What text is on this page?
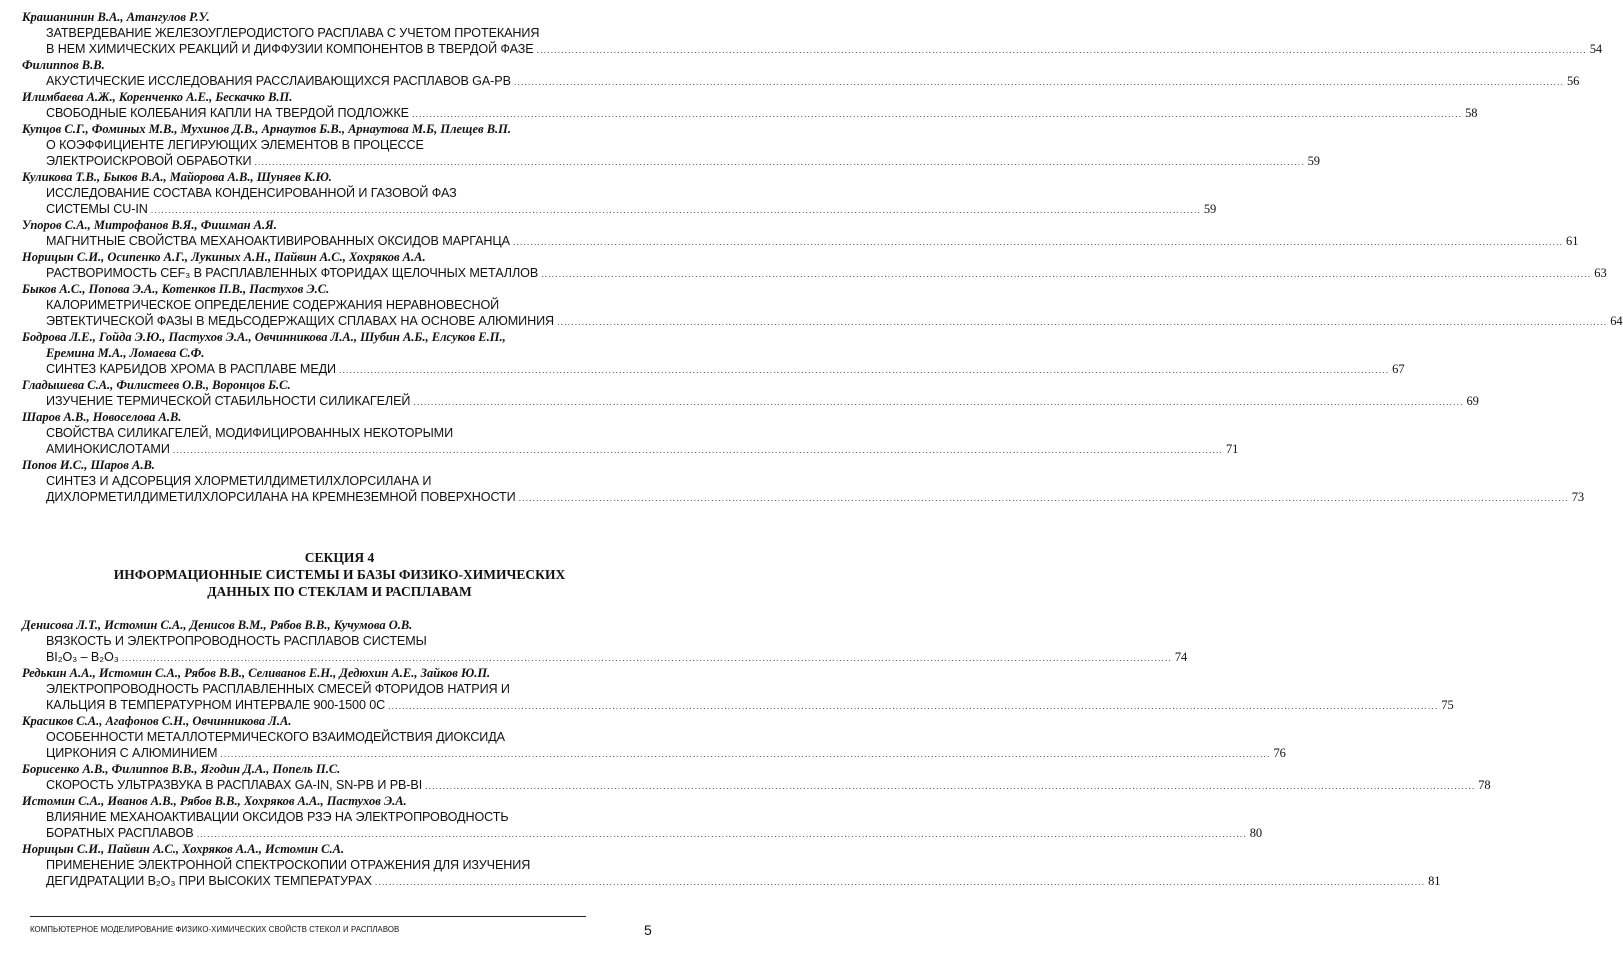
Крашанинин В.А., Атангулов Р.У.
ЗАТВЕРДЕВАНИЕ ЖЕЛЕЗОУГЛЕРОДИСТОГО РАСПЛАВА С УЧЕТОМ ПРОТЕКАНИЯ
В НЕМ ХИМИЧЕСКИХ РЕАКЦИЙ И ДИФФУЗИИ КОМПОНЕНТОВ В ТВЕРДОЙ ФАЗЕ ............................................................................................................................................................................................................................................................................................................ 54
Филиппов В.В.
АКУСТИЧЕСКИЕ ИССЛЕДОВАНИЯ РАССЛАИВАЮЩИХСЯ РАСПЛАВОВ GA-PB ............................................................................................................................................................................................................................................................................................................ 56
Илимбаева А.Ж., Коренченко А.Е., Бескачко В.П.
СВОБОДНЫЕ КОЛЕБАНИЯ КАПЛИ НА ТВЕРДОЙ ПОДЛОЖКЕ ............................................................................................................................................................................................................................................................................................................ 58
Купцов С.Г., Фоминых М.В., Мухинов Д.В., Арнаутов Б.В., Арнаутова М.Б, Плещев В.П.
О КОЭФФИЦИЕНТЕ ЛЕГИРУЮЩИХ ЭЛЕМЕНТОВ В ПРОЦЕССЕ
ЭЛЕКТРОИСКРОВОЙ ОБРАБОТКИ ............................................................................................................................................................................................................................................................................................................ 59
Куликова Т.В., Быков В.А., Майорова А.В., Шуняев К.Ю.
ИССЛЕДОВАНИЕ СОСТАВА КОНДЕНСИРОВАННОЙ И ГАЗОВОЙ ФАЗ
СИСТЕМЫ CU-IN ............................................................................................................................................................................................................................................................................................................ 59
Упоров С.А., Митрофанов В.Я., Фишман А.Я.
МАГНИТНЫЕ СВОЙСТВА МЕХАНОАКТИВИРОВАННЫХ ОКСИДОВ МАРГАНЦА ............................................................................................................................................................................................................................................................................................................ 61
Норицын С.И., Осипенко А.Г., Лукиных А.Н., Пайвин А.С., Хохряков А.А.
РАСТВОРИМОСТЬ CEF₃ В РАСПЛАВЛЕННЫХ ФТОРИДАХ ЩЕЛОЧНЫХ МЕТАЛЛОВ ............................................................................................................................................................................................................................................................................................................ 63
Быков А.С., Попова Э.А., Котенков П.В., Пастухов Э.С.
КАЛОРИМЕТРИЧЕСКОЕ ОПРЕДЕЛЕНИЕ СОДЕРЖАНИЯ НЕРАВНОВЕСНОЙ
ЭВТЕКТИЧЕСКОЙ ФАЗЫ В МЕДЬСОДЕРЖАЩИХ СПЛАВАХ НА ОСНОВЕ АЛЮМИНИЯ ............................................................................................................................................................................................................................................................................................................ 64
Бодрова Л.Е., Гойда Э.Ю., Пастухов Э.А., Овчинникова Л.А., Шубин А.Б., Елсуков Е.П.,
Еремина М.А., Ломаева С.Ф.
СИНТЕЗ КАРБИДОВ ХРОМА В РАСПЛАВЕ МЕДИ ............................................................................................................................................................................................................................................................................................................ 67
Гладышева С.А., Филистеев О.В., Воронцов Б.С.
ИЗУЧЕНИЕ ТЕРМИЧЕСКОЙ СТАБИЛЬНОСТИ СИЛИКАГЕЛЕЙ ............................................................................................................................................................................................................................................................................................................ 69
Шаров А.В., Новоселова А.В.
СВОЙСТВА СИЛИКАГЕЛЕЙ, МОДИФИЦИРОВАННЫХ НЕКОТОРЫМИ
АМИНОКИСЛОТАМИ ............................................................................................................................................................................................................................................................................................................ 71
Попов И.С., Шаров А.В.
СИНТЕЗ И АДСОРБЦИЯ ХЛОРМЕТИЛДИМЕТИЛХЛОРСИЛАНА И
ДИХЛОРМЕТИЛДИМЕТИЛХЛОРСИЛАНА НА КРЕМНЕЗЕМНОЙ ПОВЕРХНОСТИ ............................................................................................................................................................................................................................................................................................................ 73
СЕКЦИЯ 4
ИНФОРМАЦИОННЫЕ СИСТЕМЫ И БАЗЫ ФИЗИКО-ХИМИЧЕСКИХ
ДАННЫХ ПО СТЕКЛАМ И РАСПЛАВАМ
Денисова Л.Т., Истомин С.А., Денисов В.М., Рябов В.В., Кучумова О.В.
ВЯЗКОСТЬ И ЭЛЕКТРОПРОВОДНОСТЬ РАСПЛАВОВ СИСТЕМЫ
BI₂O₃ – B₂O₃ ............................................................................................................................................................................................................................................................................................................ 74
Редькин А.А., Истомин С.А., Рябов В.В., Селиванов Е.Н., Дедюхин А.Е., Зайков Ю.П.
ЭЛЕКТРОПРОВОДНОСТЬ РАСПЛАВЛЕННЫХ СМЕСЕЙ ФТОРИДОВ НАТРИЯ И
КАЛЬЦИЯ В ТЕМПЕРАТУРНОМ ИНТЕРВАЛЕ 900-1500 0С ............................................................................................................................................................................................................................................................................................................ 75
Красиков С.А., Агафонов С.Н., Овчинникова Л.А.
ОСОБЕННОСТИ МЕТАЛЛОТЕРМИЧЕСКОГО ВЗАИМОДЕЙСТВИЯ ДИОКСИДА
ЦИРКОНИЯ С АЛЮМИНИЕМ ............................................................................................................................................................................................................................................................................................................ 76
Борисенко А.В., Филиппов В.В., Ягодин Д.А., Попель П.С.
СКОРОСТЬ УЛЬТРАЗВУКА В РАСПЛАВАХ GA-IN, SN-PB И PB-BI ............................................................................................................................................................................................................................................................................................................ 78
Истомин С.А., Иванов А.В., Рябов В.В., Хохряков А.А., Пастухов Э.А.
ВЛИЯНИЕ МЕХАНОАКТИВАЦИИ ОКСИДОВ РЗЭ НА ЭЛЕКТРОПРОВОДНОСТЬ
БОРАТНЫХ РАСПЛАВОВ ............................................................................................................................................................................................................................................................................................................ 80
Норицын С.И., Пайвин А.С., Хохряков А.А., Истомин С.А.
ПРИМЕНЕНИЕ ЭЛЕКТРОННОЙ СПЕКТРОСКОПИИ ОТРАЖЕНИЯ ДЛЯ ИЗУЧЕНИЯ
ДЕГИДРАТАЦИИ B₂O₃ ПРИ ВЫСОКИХ ТЕМПЕРАТУРАХ ............................................................................................................................................................................................................................................................................................................ 81
КОМПЬЮТЕРНОЕ МОДЕЛИРОВАНИЕ ФИЗИКО-ХИМИЧЕСКИХ СВОЙСТВ СТЕКОЛ И РАСПЛАВОВ	5
